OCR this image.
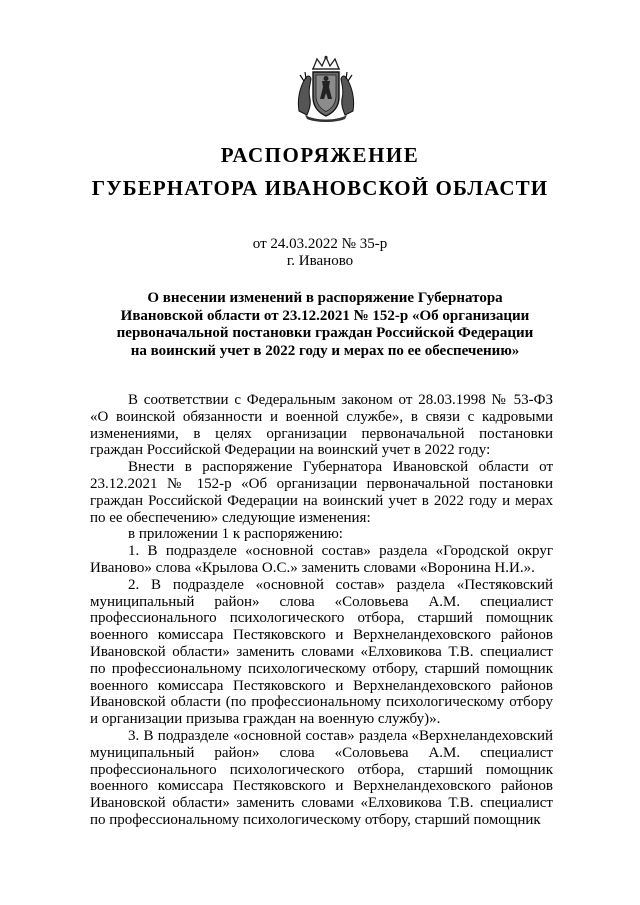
РАСПОРЯЖЕНИЕ
ГУБЕРНАТОРА ИВАНОВСКОЙ ОБЛАСТИ
от 24.03.2022 № 35-р
г. Иваново
О внесении изменений в распоряжение Губернатора
Ивановской области от 23.12.2021 № 152-р «Об организации
первоначальной постановки граждан Российской Федерации
на воинский учет в 2022 году и мерах по ее обеспечению»

В соответствии с Федеральным законом от 28.03.1998 № 53-ФЗ «О воинской обязанности и военной службе», в связи с кадровыми изменениями, в целях организации первоначальной постановки граждан Российской Федерации на воинский учет в 2022 году:

Внести в распоряжение Губернатора Ивановской области от 23.12.2021 № 152-р «Об организации первоначальной постановки граждан Российской Федерации на воинский учет в 2022 году и мерах по ее обеспечению» следующие изменения:

в приложении 1 к распоряжению:

1. В подразделе «основной состав» раздела «Городской округ Иваново» слова «Крылова О.С.» заменить словами «Воронина Н.И.».

2. В подразделе «основной состав» раздела «Пестяковский муниципальный район» слова «Соловьева А.М. специалист профессионального психологического отбора, старший помощник военного комиссара Пестяковского и Верхнеландеховского районов Ивановской области» заменить словами «Елховикова Т.В. специалист по профессиональному психологическому отбору, старший помощник военного комиссара Пестяковского и Верхнеландеховского районов Ивановской области (по профессиональному психологическому отбору и организации призыва граждан на военную службу)».

3. В подразделе «основной состав» раздела «Верхнеландеховский муниципальный район» слова «Соловьева А.М. специалист профессионального психологического отбора, старший помощник военного комиссара Пестяковского и Верхнеландеховского районов Ивановской области» заменить словами «Елховикова Т.В. специалист по профессиональному психологическому отбору, старший помощник
